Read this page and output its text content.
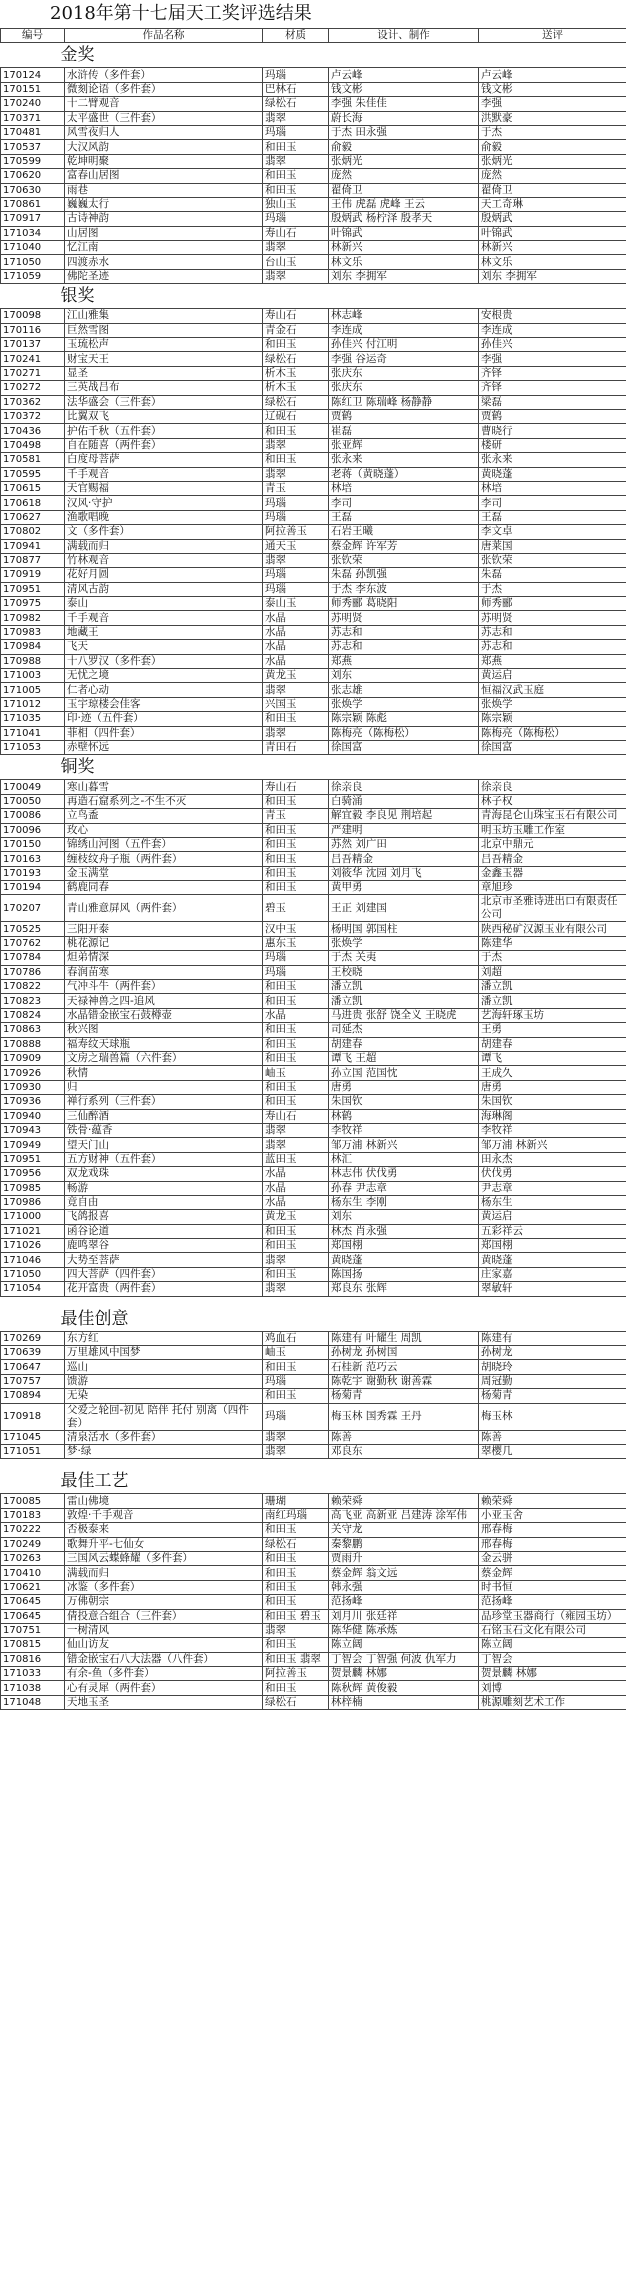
2018年第十七届天工奖评选结果
编号	作品名称	材质	设计、制作	送评
金奖				
170124	水浒传（多件套）	玛瑙	卢云峰	卢云峰
170151	微刻论语（多件套）	巴林石	钱文彬	钱文彬
170240	十二臂观音	绿松石	李强 朱佳佳	李强
170371	太平盛世（三件套）	翡翠	蔚长海	洪默豪
170481	风雪夜归人	玛瑙	于杰 田永强	于杰
170537	大汉风韵	和田玉	俞毅	俞毅
170599	乾坤明聚	翡翠	张炳光	张炳光
170620	富春山居图	和田玉	庞然	庞然
170630	雨巷	和田玉	翟倚卫	翟倚卫
170861	巍巍太行	独山玉	王伟 虎磊 虎峰 王云	天工奇琳
170917	古诗神韵	玛瑙	殷炳武 杨柠泽 殷孝天	殷炳武
171034	山居图	寿山石	叶锦武	叶锦武
171040	忆江南	翡翠	林新兴	林新兴
171050	四渡赤水	台山玉	林文乐	林文乐
171059	佛陀圣迹	翡翠	刘东 李拥军	刘东 李拥军
银奖				
170098	江山雅集	寿山石	林志峰	安根贵
170116	巨然雪图	青金石	李连成	李连成
170137	玉琉松声	和田玉	孙佳兴 付江明	孙佳兴
170241	财宝天王	绿松石	李强 谷运奇	李强
170271	显圣	析木玉	张庆东	齐铎
170272	三英战吕布	析木玉	张庆东	齐铎
170362	法华盛会（三件套）	绿松石	陈红卫 陈瑞峰 杨静静	梁磊
170372	比翼双飞	辽砚石	贾鹤	贾鹤
170436	护佑千秋（五件套）	和田玉	崔磊	曹晓行
170498	自在随喜（两件套）	翡翠	张亚辉	楼研
170581	白度母菩萨	和田玉	张永来	张永来
170595	千手观音	翡翠	老蒋（黄晓蓬）	黄晓蓬
170615	天官赐福	青玉	林培	林培
170618	汉风·守护	玛瑙	李司	李司
170627	渔歌唱晚	玛瑙	王磊	王磊
170802	文（多件套）	阿拉善玉	石岩王曦	李文卓
170941	满载而归	通天玉	蔡金辉 许军芳	唐莱国
170877	竹林观音	翡翠	张钦荣	张钦荣
170919	花好月圆	玛瑙	朱磊 孙凯强	朱磊
170951	清风古韵	玛瑙	于杰 李东波	于杰
170975	泰山	泰山玉	师秀郦 葛晓阳	师秀郦
170982	千手观音	水晶	苏明贤	苏明贤
170983	地藏王	水晶	苏志和	苏志和
170984	飞天	水晶	苏志和	苏志和
170988	十八罗汉（多件套）	水晶	郑燕	郑燕
171003	无忧之境	黄龙玉	刘东	黄运启
171005	仁者心动	翡翠	张志雄	恒福汉武玉庭
171012	玉宇琼楼会佳客	兴国玉	张焕学	张焕学
171035	印·迹（五件套）	和田玉	陈宗颖 陈彪	陈宗颖
171041	菲相（四件套）	翡翠	陈梅亮（陈梅松）	陈梅亮（陈梅松）
171053	赤壁怀远	青田石	徐国富	徐国富
铜奖				
170049	寒山暮雪	寿山石	徐亲良	徐亲良
170050	再造石窟系列之-不生不灭	和田玉	白骑涌	林子权
170086	立鸟盉	青玉	解宜毅 李良见 荆培起	青海昆仑山珠宝玉石有限公司
170096	玫心	和田玉	严建明	明玉坊玉雕工作室
170150	锦绣山河图（五件套）	和田玉	苏然 刘广田	北京中鼎元
170163	缠枝纹舟子瓶（两件套）	和田玉	吕吾精金	吕吾精金
170193	金玉满堂	和田玉	刘筱华 沈园 刘月飞	金鑫玉器
170194	鹤鹿同春	和田玉	黄甲勇	章旭珍
170207	青山雅意屏风（两件套）	碧玉	王正 刘建国	北京市圣雅诗进出口有限责任公司
170525	三阳开泰	汉中玉	杨明国 郭国柱	陕西秘矿汉源玉业有限公司
170762	桃花源记	惠东玉	张焕学	陈建华
170784	炟弟情深	玛瑙	于杰 关夷	于杰
170786	春润苗寒	玛瑙	王校晓	刘超
170822	气冲斗牛（两件套）	和田玉	潘立凯	潘立凯
170823	天禄神兽之四-追风	和田玉	潘立凯	潘立凯
170824	水晶错金嵌宝石鼓樽壶	水晶	马进贵 张舒 饶全义 王晓虎	艺海轩琢玉坊
170863	秋兴图	和田玉	司延杰	王勇
170888	福寿纹天球瓶	和田玉	胡建春	胡建春
170909	文房之瑞兽篇（六件套）	和田玉	谭飞 王超	谭飞
170926	秋情	岫玉	孙立国 范国忱	王成久
170930	归	和田玉	唐勇	唐勇
170936	禅行系列（三件套）	和田玉	朱国钦	朱国钦
170940	三仙醉酒	寿山石	林鹤	海琳阁
170943	铁骨·蕴香	翡翠	李牧祥	李牧祥
170949	望天门山	翡翠	邹万浦 林新兴	邹万浦 林新兴
170951	五方财神（五件套）	蓝田玉	林汇	田永杰
170956	双龙戏珠	水晶	林志伟 伏伐勇	伏伐勇
170985	畅游	水晶	孙春 尹志章	尹志章
170986	竟自由	水晶	杨东生 李刚	杨东生
171000	飞鸽报喜	黄龙玉	刘东	黄运启
171021	函谷论道	和田玉	林杰 肖永强	五彩祥云
171026	鹿鸣翠谷	和田玉	郑国栩	郑国栩
171046	大势至菩萨	翡翠	黄晓蓬	黄晓蓬
171050	四大菩萨（四件套）	和田玉	陈国扬	庄家嘉
171054	花开富贵（两件套）	翡翠	郑良东 张辉	翠敏轩

最佳创意				
170269	东方红	鸡血石	陈建有 叶耀生 周凯	陈建有
170639	万里雄风中国梦	岫玉	孙树龙 孙树国	孙树龙
170647	巡山	和田玉	石桂新 范巧云	胡晓玲
170757	馈游	玛瑙	陈乾宇 谢勤秋 谢善霖	周冠勤
170894	无染	和田玉	杨菊青	杨菊青
170918	父爱之轮回-初见 陪伴 托付 别离（四件套）	玛瑙	梅玉林 国秀霖 王丹	梅玉林
171045	清泉活水（多件套）	翡翠	陈善	陈善
171051	梦·绿	翡翠	邓良东	翠樱几

最佳工艺				
170085	雷山佛境	珊瑚	赖荣舜	赖荣舜
170183	敦煌·千手观音	南红玛瑙	高飞亚 高新亚 吕建涛 涂军伟	小亚玉舍
170222	否极泰来	和田玉	关守龙	邢春梅
170249	歌舞升平-七仙女	绿松石	秦黎鹏	邢春梅
170263	三国风云蝶蜂耀（多件套）	和田玉	贾雨升	金云骈
170410	满载而归	和田玉	蔡金辉 翁文远	蔡金辉
170621	冰鉴（多件套）	和田玉	韩永强	时书恒
170645	万佛朝宗	和田玉	范扬峰	范扬峰
170645	倩投意合组合（三件套）	和田玉 碧玉	刘月川 张廷祥	品珍堂玉器商行（雍园玉坊）
170751	一树清风	翡翠	陈华健 陈承炼	石铭玉石文化有限公司
170815	仙山访友	和田玉	陈立阔	陈立阔
170816	错金嵌宝石八大法器（八件套）	和田玉 翡翠	丁智会 丁智强 何波 仇军力	丁智会
171033	有余-鱼（多件套）	阿拉善玉	贺景麟 林娜	贺景麟 林娜
171038	心有灵犀（两件套）	和田玉	陈秋辉 黄俊毅	刘博
171048	天地玉圣	绿松石	林梓楠	桃源雕刻艺术工作
